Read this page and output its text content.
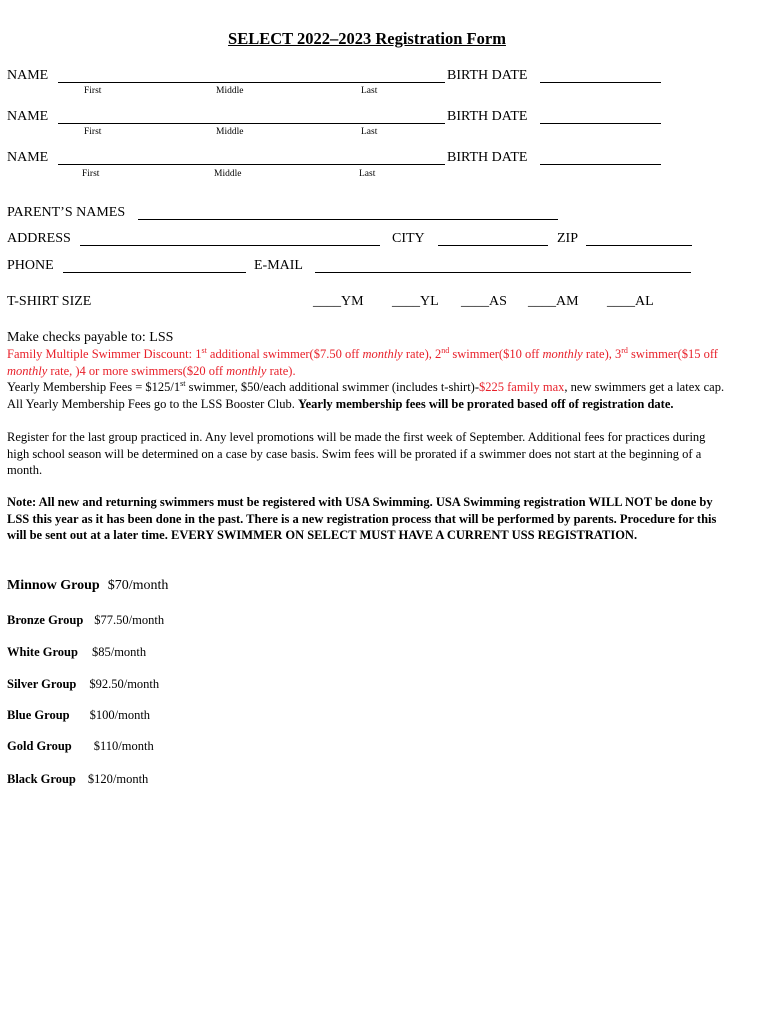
SELECT 2022–2023 Registration Form
NAME	BIRTH DATE
First	Middle	Last
NAME	BIRTH DATE
First	Middle	Last
NAME	BIRTH DATE
First	Middle	Last
PARENT’S NAMES
ADDRESS	CITY	ZIP
PHONE	E-MAIL
T-SHIRT SIZE	____YM ____YL ____AS ____AM ____AL
Make checks payable to: LSS
Family Multiple Swimmer Discount: 1st additional swimmer($7.50 off monthly rate), 2nd swimmer($10 off monthly rate), 3rd swimmer($15 off monthly rate, )4 or more swimmers($20 off monthly rate).
Yearly Membership Fees = $125/1st swimmer, $50/each additional swimmer (includes t-shirt)-$225 family max, new swimmers get a latex cap. All Yearly Membership Fees go to the LSS Booster Club. Yearly membership fees will be prorated based off of registration date.
Register for the last group practiced in. Any level promotions will be made the first week of September. Additional fees for practices during high school season will be determined on a case by case basis. Swim fees will be prorated if a swimmer does not start at the beginning of a month.
Note: All new and returning swimmers must be registered with USA Swimming. USA Swimming registration WILL NOT be done by LSS this year as it has been done in the past. There is a new registration process that will be performed by parents. Procedure for this will be sent out at a later time. EVERY SWIMMER ON SELECT MUST HAVE A CURRENT USS REGISTRATION.
Minnow Group $70/month
Bronze Group $77.50/month
White Group $85/month
Silver Group $92.50/month
Blue Group $100/month
Gold Group $110/month
Black Group $120/month
